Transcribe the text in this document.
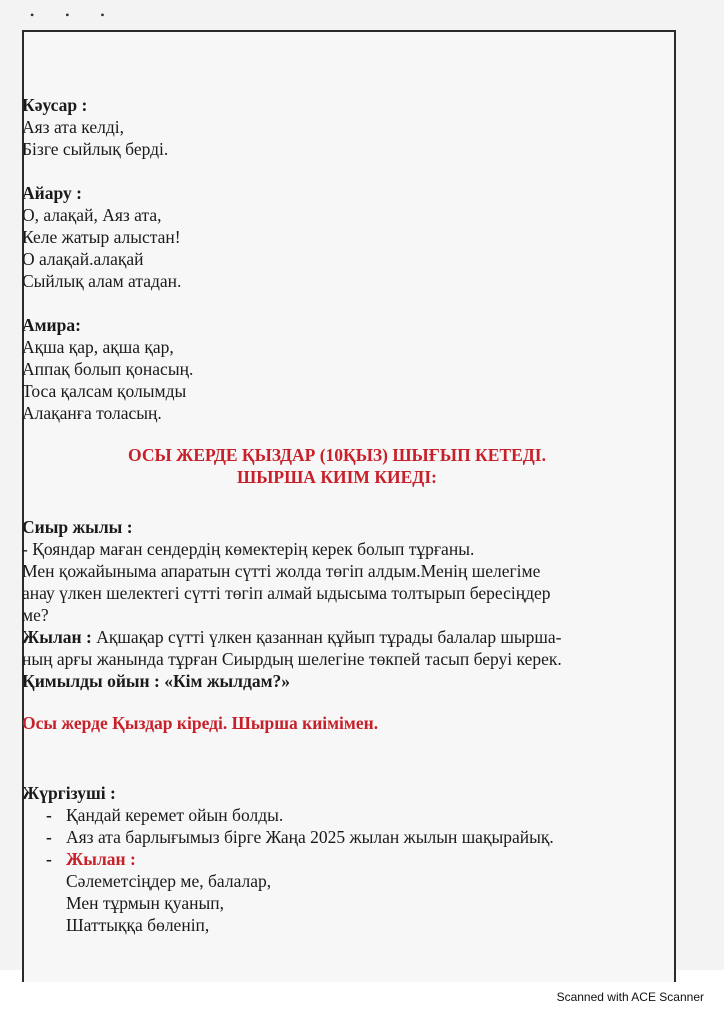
• • •
Кәусар :
Аяз ата келді,
Бізге сыйлық берді.
Айару :
О, алақай, Аяз ата,
Келе жатыр алыстан!
О алақай.алақай
Сыйлық алам атадан.
Амира:
Ақша қар, ақша қар,
Аппақ болып қонасың.
Тоса қалсам қолымды
Алақанға толасың.
ОСЫ ЖЕРДЕ ҚЫЗДАР (10ҚЫЗ) ШЫҒЫП КЕТЕДІ.
ШЫРША КИІМ КИЕДІ:
Сиыр жылы :
- Қояндар маған сендердің көмектерің керек болып тұрғаны.
Мен қожайыныма апаратын сүтті жолда төгіп алдым.Менің шелегіме
анау үлкен шелектегі сүтті төгіп алмай ыдысыма толтырып бересіңдер
ме?
Жылан : Ақшақар сүтті үлкен қазаннан құйып тұрады балалар шырша-
ның арғы жанында тұрған Сиырдың шелегіне төкпей тасып беруі керек.
Қимылды ойын : «Кім жылдам?»
Осы жерде Қыздар кіреді. Шырша киімімен.
Жүргізуші :
- Қандай керемет ойын болды.
- Аяз ата барлығымыз бірге Жаңа 2025 жылан жылын шақырайық.
- Жылан :
Сәлеметсіңдер ме, балалар,
Мен тұрмын қуанып,
Шаттыққа бөленіп,
Scanned with ACE Scanner
